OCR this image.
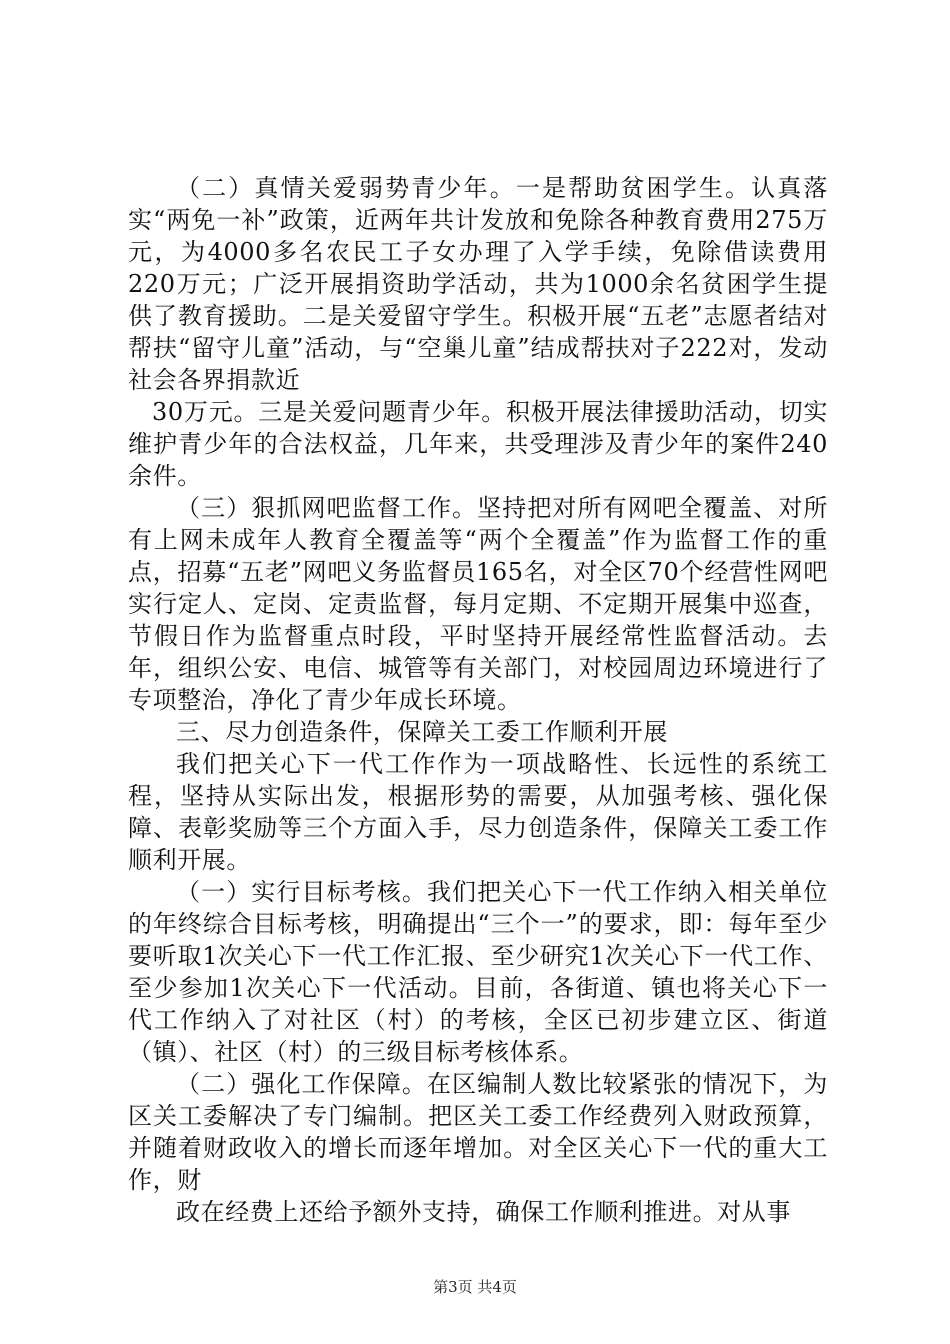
（二）真情关爱弱势青少年。一是帮助贫困学生。认真落实“两免一补”政策，近两年共计发放和免除各种教育费用275万元，为4000多名农民工子女办理了入学手续，免除借读费用220万元；广泛开展捐资助学活动，共为1000余名贫困学生提供了教育援助。二是关爱留守学生。积极开展“五老”志愿者结对帮扶“留守儿童”活动，与“空巢儿童”结成帮扶对子222对，发动社会各界捐款近

30万元。三是关爱问题青少年。积极开展法律援助活动，切实维护青少年的合法权益，几年来，共受理涉及青少年的案件240余件。

（三）狠抓网吧监督工作。坚持把对所有网吧全覆盖、对所有上网未成年人教育全覆盖等“两个全覆盖”作为监督工作的重点，招募“五老”网吧义务监督员165名，对全区70个经营性网吧实行定人、定岗、定责监督，每月定期、不定期开展集中巡查，节假日作为监督重点时段，平时坚持开展经常性监督活动。去年，组织公安、电信、城管等有关部门，对校园周边环境进行了专项整治，净化了青少年成长环境。

三、尽力创造条件，保障关工委工作顺利开展

我们把关心下一代工作作为一项战略性、长远性的系统工程，坚持从实际出发，根据形势的需要，从加强考核、强化保障、表彰奖励等三个方面入手，尽力创造条件，保障关工委工作顺利开展。

（一）实行目标考核。我们把关心下一代工作纳入相关单位的年终综合目标考核，明确提出“三个一”的要求，即：每年至少要听取1次关心下一代工作汇报、至少研究1次关心下一代工作、至少参加1次关心下一代活动。目前，各街道、镇也将关心下一代工作纳入了对社区（村）的考核，全区已初步建立区、街道（镇）、社区（村）的三级目标考核体系。

（二）强化工作保障。在区编制人数比较紧张的情况下，为区关工委解决了专门编制。把区关工委工作经费列入财政预算，并随着财政收入的增长而逐年增加。对全区关心下一代的重大工作，财

政在经费上还给予额外支持，确保工作顺利推进。对从事

第3页 共4页
